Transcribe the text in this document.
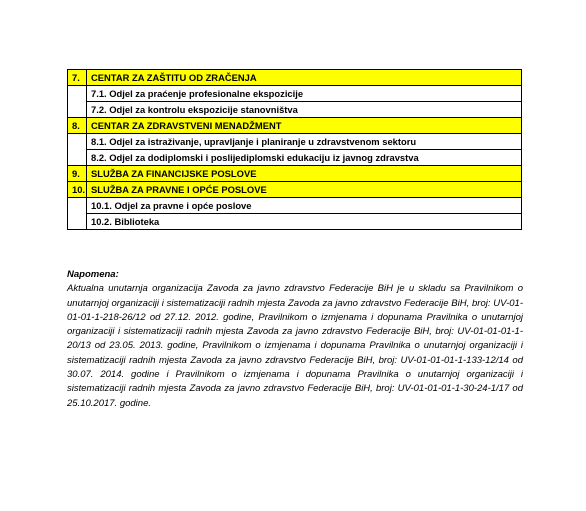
7.	CENTAR ZA ZAŠTITU OD ZRAČENJA
	7.1. Odjel za praćenje profesionalne ekspozicije
	7.2. Odjel za kontrolu ekspozicije stanovništva
8.	CENTAR ZA ZDRAVSTVENI MENADŽMENT
	8.1. Odjel za istraživanje, upravljanje i planiranje u zdravstvenom sektoru
	8.2. Odjel za dodiplomski i poslijediplomski edukaciju iz javnog zdravstva
9.	SLUŽBA ZA FINANCIJSKE POSLOVE
10.	SLUŽBA ZA PRAVNE I OPĆE POSLOVE
	10.1. Odjel za pravne i opće poslove
	10.2. Biblioteka
Napomena:
Aktualna unutarnja organizacija Zavoda za javno zdravstvo Federacije BiH je u skladu sa Pravilnikom o unutarnjoj organizaciji i sistematizaciji radnih mjesta Zavoda za javno zdravstvo Federacije BiH, broj: UV-01-01-01-1-218-26/12 od 27.12. 2012. godine, Pravilnikom o izmjenama i dopunama Pravilnika o unutarnjoj organizaciji i sistematizaciji radnih mjesta Zavoda za javno zdravstvo Federacije BiH, broj: UV-01-01-01-1-20/13 od 23.05. 2013. godine, Pravilnikom o izmjenama i dopunama Pravilnika o unutarnjoj organizaciji i sistematizaciji radnih mjesta Zavoda za javno zdravstvo Federacije BiH, broj: UV-01-01-01-1-133-12/14 od 30.07. 2014. godine i Pravilnikom o izmjenama i dopunama Pravilnika o unutarnjoj organizaciji i sistematizaciji radnih mjesta Zavoda za javno zdravstvo Federacije BiH, broj: UV-01-01-01-1-30-24-1/17 od 25.10.2017. godine.
